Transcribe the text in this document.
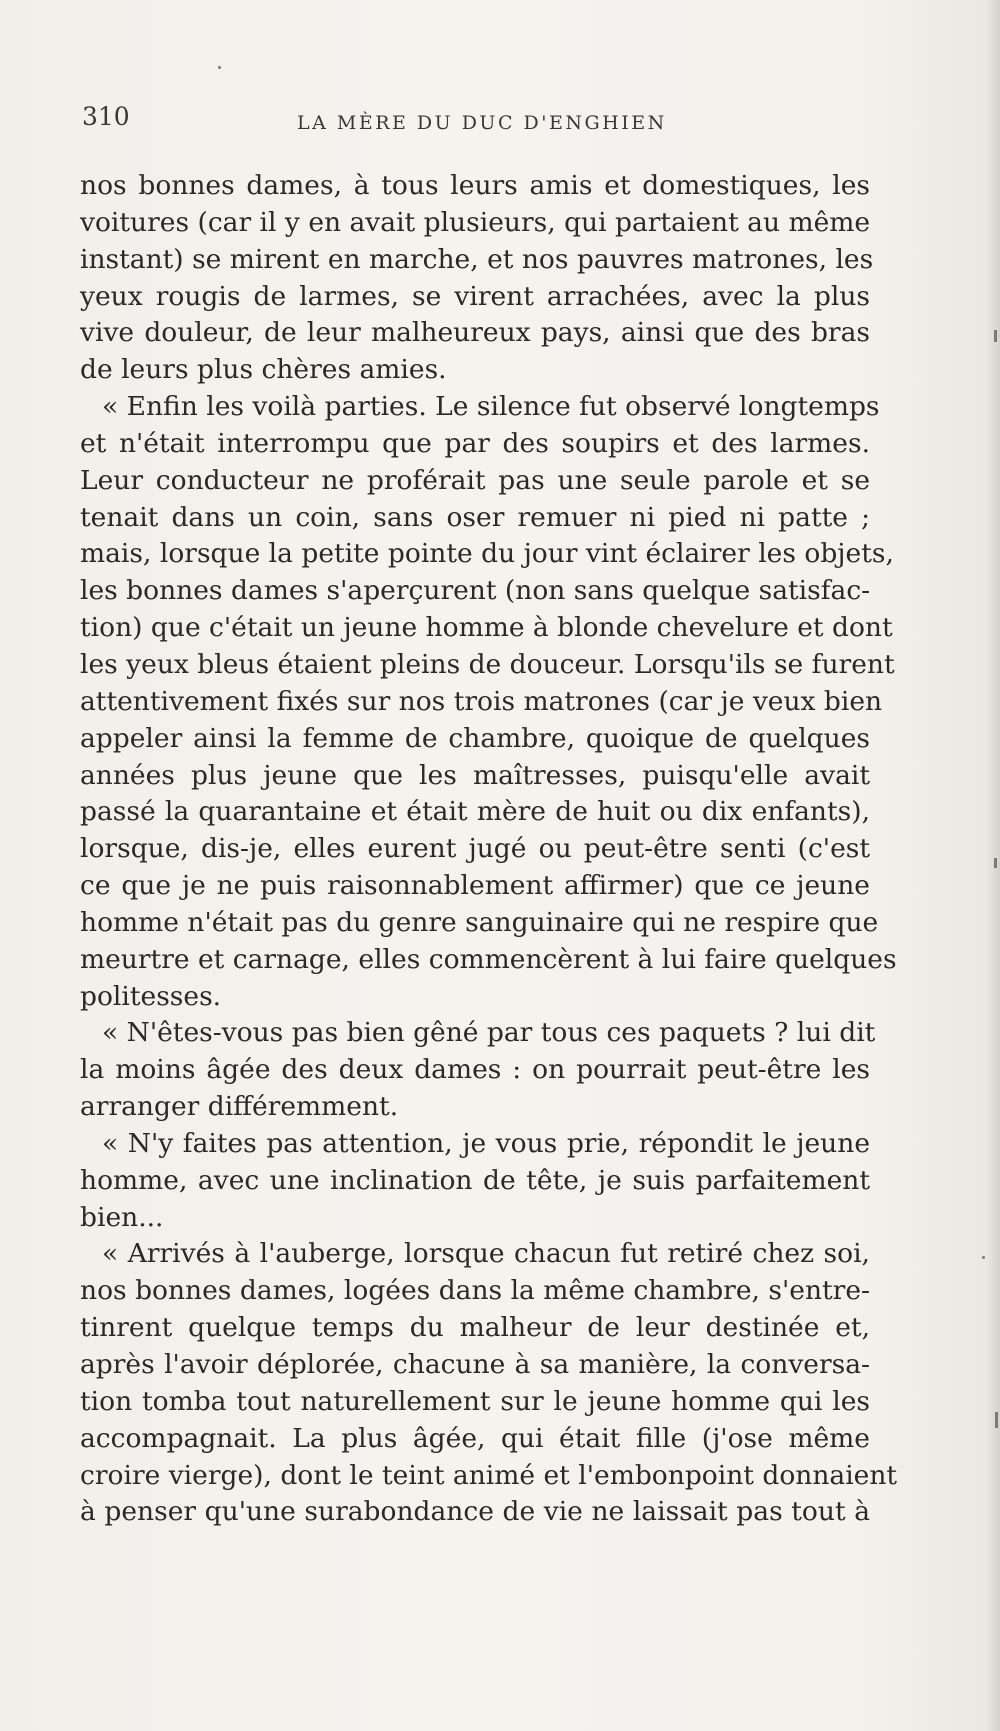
310	LA MÈRE DU DUC D'ENGHIEN
nos bonnes dames, à tous leurs amis et domestiques, les
voitures (car il y en avait plusieurs, qui partaient au même
instant) se mirent en marche, et nos pauvres matrones, les
yeux rougis de larmes, se virent arrachées, avec la plus
vive douleur, de leur malheureux pays, ainsi que des bras
de leurs plus chères amies.
« Enfin les voilà parties. Le silence fut observé longtemps
et n'était interrompu que par des soupirs et des larmes.
Leur conducteur ne proférait pas une seule parole et se
tenait dans un coin, sans oser remuer ni pied ni patte ;
mais, lorsque la petite pointe du jour vint éclairer les objets,
les bonnes dames s'aperçurent (non sans quelque satisfac-
tion) que c'était un jeune homme à blonde chevelure et dont
les yeux bleus étaient pleins de douceur. Lorsqu'ils se furent
attentivement fixés sur nos trois matrones (car je veux bien
appeler ainsi la femme de chambre, quoique de quelques
années plus jeune que les maîtresses, puisqu'elle avait
passé la quarantaine et était mère de huit ou dix enfants),
lorsque, dis-je, elles eurent jugé ou peut-être senti (c'est
ce que je ne puis raisonnablement affirmer) que ce jeune
homme n'était pas du genre sanguinaire qui ne respire que
meurtre et carnage, elles commencèrent à lui faire quelques
politesses.
« N'êtes-vous pas bien gêné par tous ces paquets ? lui dit
la moins âgée des deux dames : on pourrait peut-être les
arranger différemment.
« N'y faites pas attention, je vous prie, répondit le jeune
homme, avec une inclination de tête, je suis parfaitement
bien...
« Arrivés à l'auberge, lorsque chacun fut retiré chez soi,
nos bonnes dames, logées dans la même chambre, s'entre-
tinrent quelque temps du malheur de leur destinée et,
après l'avoir déplorée, chacune à sa manière, la conversa-
tion tomba tout naturellement sur le jeune homme qui les
accompagnait. La plus âgée, qui était fille (j'ose même
croire vierge), dont le teint animé et l'embonpoint donnaient
à penser qu'une surabondance de vie ne laissait pas tout à
